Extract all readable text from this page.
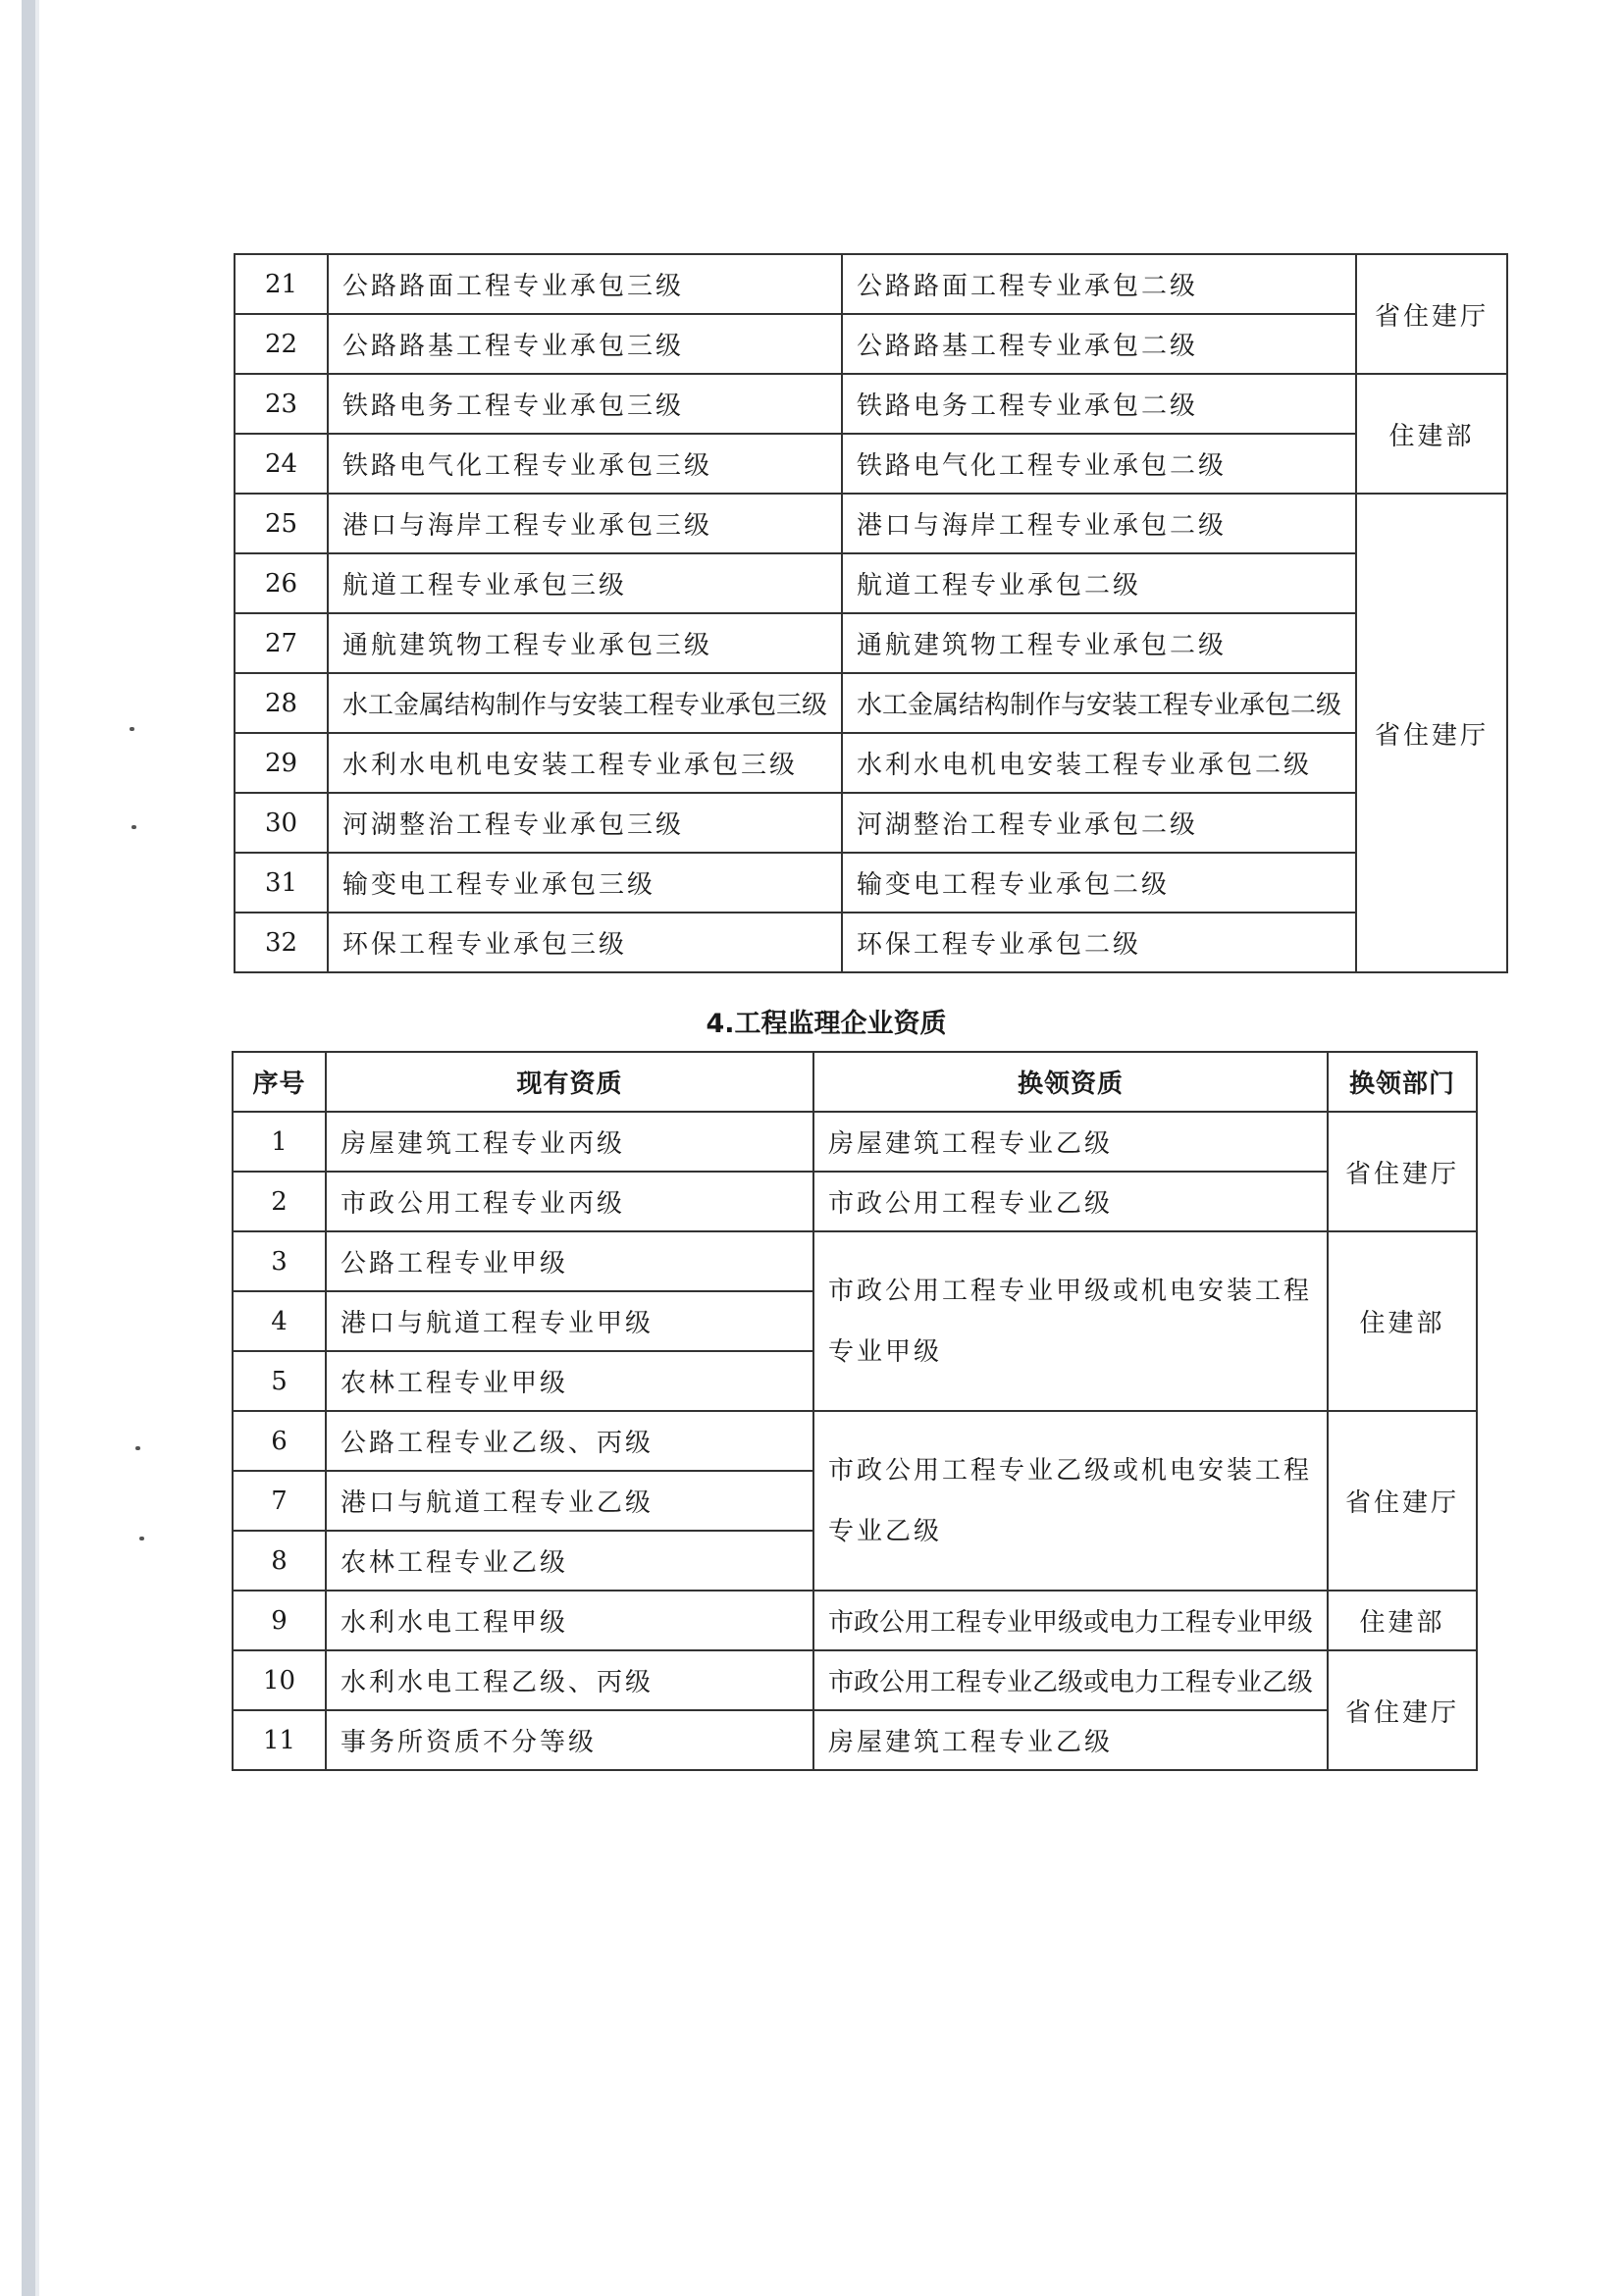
21	公路路面工程专业承包三级	公路路面工程专业承包二级	省住建厅
22	公路路基工程专业承包三级	公路路基工程专业承包二级	
23	铁路电务工程专业承包三级	铁路电务工程专业承包二级	住建部
24	铁路电气化工程专业承包三级	铁路电气化工程专业承包二级	
25	港口与海岸工程专业承包三级	港口与海岸工程专业承包二级	省住建厅
26	航道工程专业承包三级	航道工程专业承包二级	
27	通航建筑物工程专业承包三级	通航建筑物工程专业承包二级	
28	水工金属结构制作与安装工程专业承包三级	水工金属结构制作与安装工程专业承包二级	
29	水利水电机电安装工程专业承包三级	水利水电机电安装工程专业承包二级	
30	河湖整治工程专业承包三级	河湖整治工程专业承包二级	
31	输变电工程专业承包三级	输变电工程专业承包二级	
32	环保工程专业承包三级	环保工程专业承包二级	
4.工程监理企业资质
序号	现有资质	换领资质	换领部门
1	房屋建筑工程专业丙级	房屋建筑工程专业乙级	省住建厅
2	市政公用工程专业丙级	市政公用工程专业乙级	
3	公路工程专业甲级	市政公用工程专业甲级或机电安装工程专业甲级	住建部
4	港口与航道工程专业甲级		
5	农林工程专业甲级		
6	公路工程专业乙级、丙级	市政公用工程专业乙级或机电安装工程专业乙级	省住建厅
7	港口与航道工程专业乙级		
8	农林工程专业乙级		
9	水利水电工程甲级	市政公用工程专业甲级或电力工程专业甲级	住建部
10	水利水电工程乙级、丙级	市政公用工程专业乙级或电力工程专业乙级	省住建厅
11	事务所资质不分等级	房屋建筑工程专业乙级	
